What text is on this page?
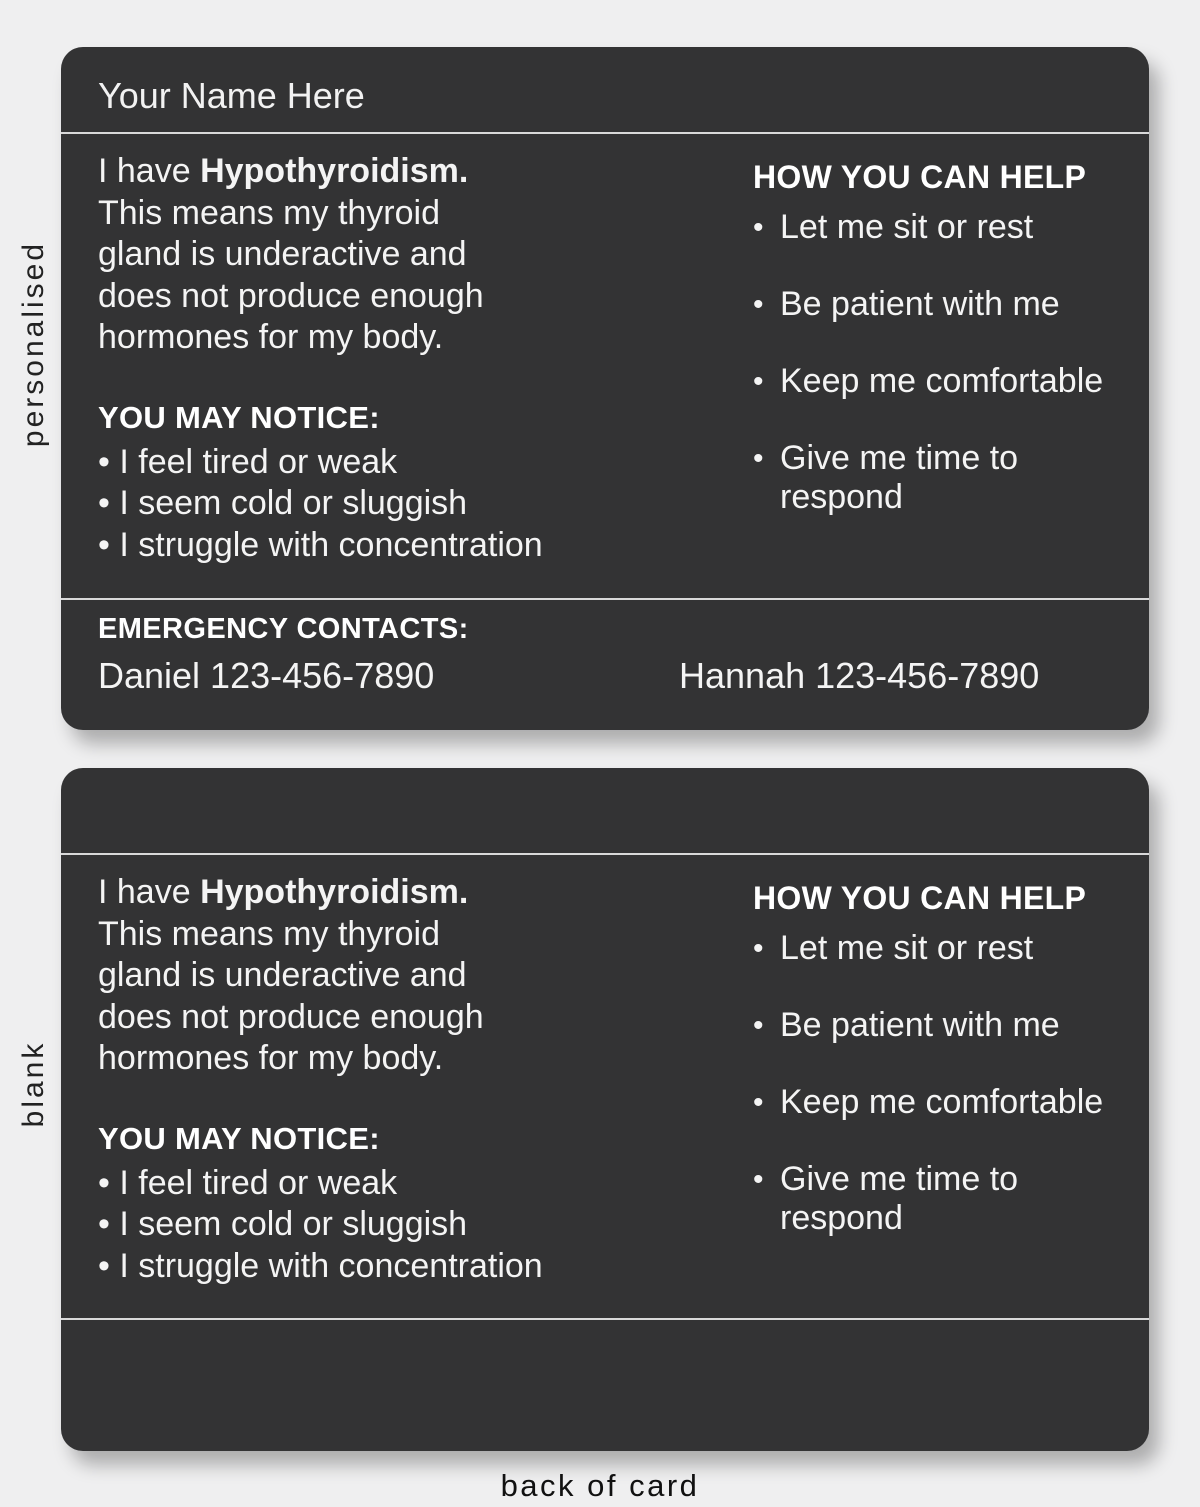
personalised
blank
Your Name Here
I have Hypothyroidism.
This means my thyroid
gland is underactive and
does not produce enough
hormones for my body.
YOU MAY NOTICE:
• I feel tired or weak
• I seem cold or sluggish
• I struggle with concentration
HOW YOU CAN HELP
• Let me sit or rest
• Be patient with me
• Keep me comfortable
• Give me time to respond
EMERGENCY CONTACTS:
Daniel 123-456-7890	Hannah 123-456-7890
I have Hypothyroidism.
This means my thyroid
gland is underactive and
does not produce enough
hormones for my body.
YOU MAY NOTICE:
• I feel tired or weak
• I seem cold or sluggish
• I struggle with concentration
HOW YOU CAN HELP
• Let me sit or rest
• Be patient with me
• Keep me comfortable
• Give me time to respond
back of card
